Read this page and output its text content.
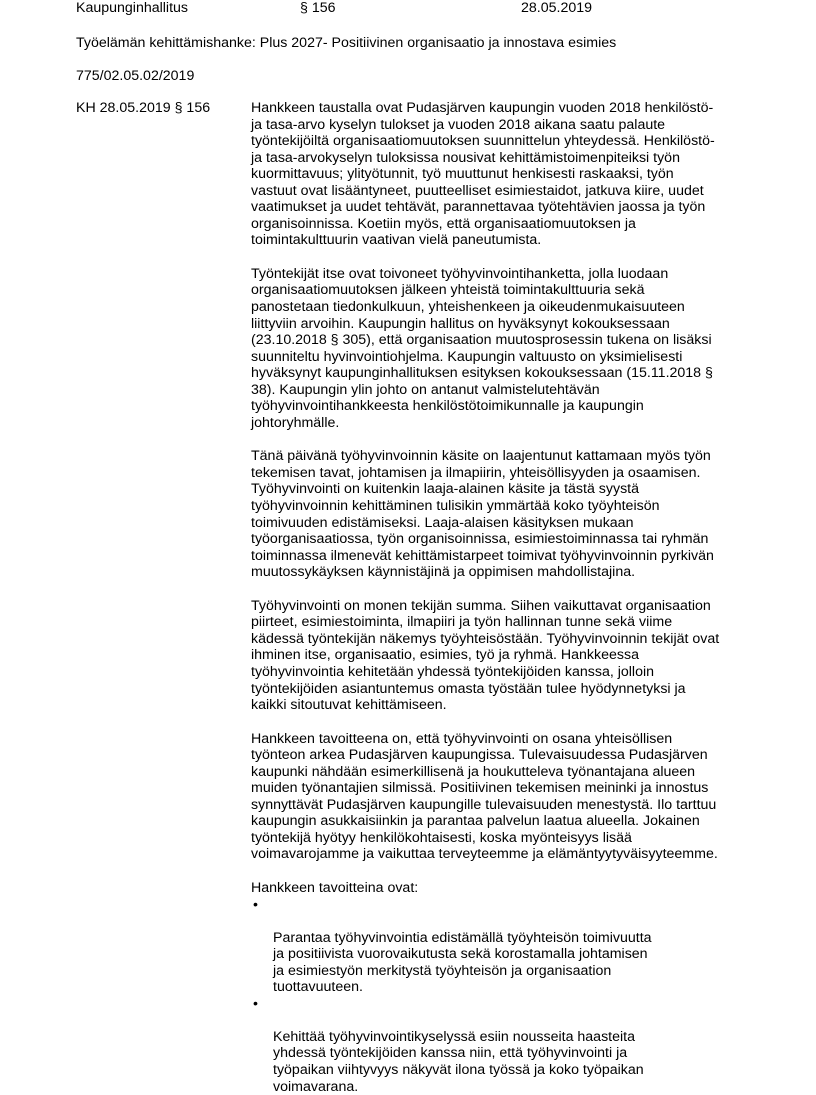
Kaupunginhallitus	§ 156	28.05.2019
Työelämän kehittämishanke: Plus 2027- Positiivinen organisaatio ja innostava esimies
775/02.05.02/2019
KH 28.05.2019 § 156	Hankkeen taustalla ovat Pudasjärven kaupungin vuoden 2018 henkilöstö-
ja tasa-arvo kyselyn tulokset ja vuoden 2018 aikana saatu palaute
työntekijöiltä organisaatiomuutoksen suunnittelun yhteydessä. Henkilöstö-
ja tasa-arvokyselyn tuloksissa nousivat kehittämistoimenpiteiksi työn
kuormittavuus; ylityötunnit, työ muuttunut henkisesti raskaaksi, työn
vastuut ovat lisääntyneet, puutteelliset esimiestaidot, jatkuva kiire, uudet
vaatimukset ja uudet tehtävät, parannettavaa työtehtävien jaossa ja työn
organisoinnissa. Koetiin myös, että organisaatiomuutoksen ja
toimintakulttuurin vaativan vielä paneutumista.

Työntekijät itse ovat toivoneet työhyvinvointihanketta, jolla luodaan
organisaatiomuutoksen jälkeen yhteistä toimintakulttuuria sekä
panostetaan tiedonkulkuun, yhteishenkeen ja oikeudenmukaisuuteen
liittyviin arvoihin. Kaupungin hallitus on hyväksynyt kokouksessaan
(23.10.2018 § 305), että organisaation muutosprosessin tukena on lisäksi
suunniteltu hyvinvointiohjelma. Kaupungin valtuusto on yksimielisesti
hyväksynyt kaupunginhallituksen esityksen kokouksessaan (15.11.2018 §
38). Kaupungin ylin johto on antanut valmistelutehtävän
työhyvinvointihankkeesta henkilöstötoimikunnalle ja kaupungin
johtoryhmälle.

Tänä päivänä työhyvinvoinnin käsite on laajentunut kattamaan myös työn
tekemisen tavat, johtamisen ja ilmapiirin, yhteisöllisyyden ja osaamisen.
Työhyvinvointi on kuitenkin laaja-alainen käsite ja tästä syystä
työhyvinvoinnin kehittäminen tulisikin ymmärtää koko työyhteisön
toimivuuden edistämiseksi. Laaja-alaisen käsityksen mukaan
työorganisaatiossa, työn organisoinnissa, esimiestoiminnassa tai ryhmän
toiminnassa ilmenevät kehittämistarpeet toimivat työhyvinvoinnin pyrkivän
muutossykäyksen käynnistäjinä ja oppimisen mahdollistajina.

Työhyvinvointi on monen tekijän summa. Siihen vaikuttavat organisaation
piirteet, esimiestoiminta, ilmapiiri ja työn hallinnan tunne sekä viime
kädessä työntekijän näkemys työyhteisöstään. Työhyvinvoinnin tekijät ovat
ihminen itse, organisaatio, esimies, työ ja ryhmä. Hankkeessa
työhyvinvointia kehitetään yhdessä työntekijöiden kanssa, jolloin
työntekijöiden asiantuntemus omasta työstään tulee hyödynnetyksi ja
kaikki sitoutuvat kehittämiseen.

Hankkeen tavoitteena on, että työhyvinvointi on osana yhteisöllisen
työnteon arkea Pudasjärven kaupungissa. Tulevaisuudessa Pudasjärven
kaupunki nähdään esimerkillisenä ja houkutteleva työnantajana alueen
muiden työnantajien silmissä. Positiivinen tekemisen meininki ja innostus
synnyttävät Pudasjärven kaupungille tulevaisuuden menestystä. Ilo tarttuu
kaupungin asukkaisiinkin ja parantaa palvelun laatua alueella. Jokainen
työntekijä hyötyy henkilökohtaisesti, koska myönteisyys lisää
voimavarojamme ja vaikuttaa terveyteemme ja elämäntyytyväisyyteemme.

Hankkeen tavoitteina ovat:

•

Parantaa työhyvinvointia edistämällä työyhteisön toimivuutta
ja positiivista vuorovaikutusta sekä korostamalla johtamisen
ja esimiestyön merkitystä työyhteisön ja organisaation
tuottavuuteen.

•

Kehittää työhyvinvointikyselyssä esiin nousseita haasteita
yhdessä työntekijöiden kanssa niin, että työhyvinvointi ja
työpaikan viihtyvyys näkyvät ilona työssä ja koko työpaikan
voimavarana.
